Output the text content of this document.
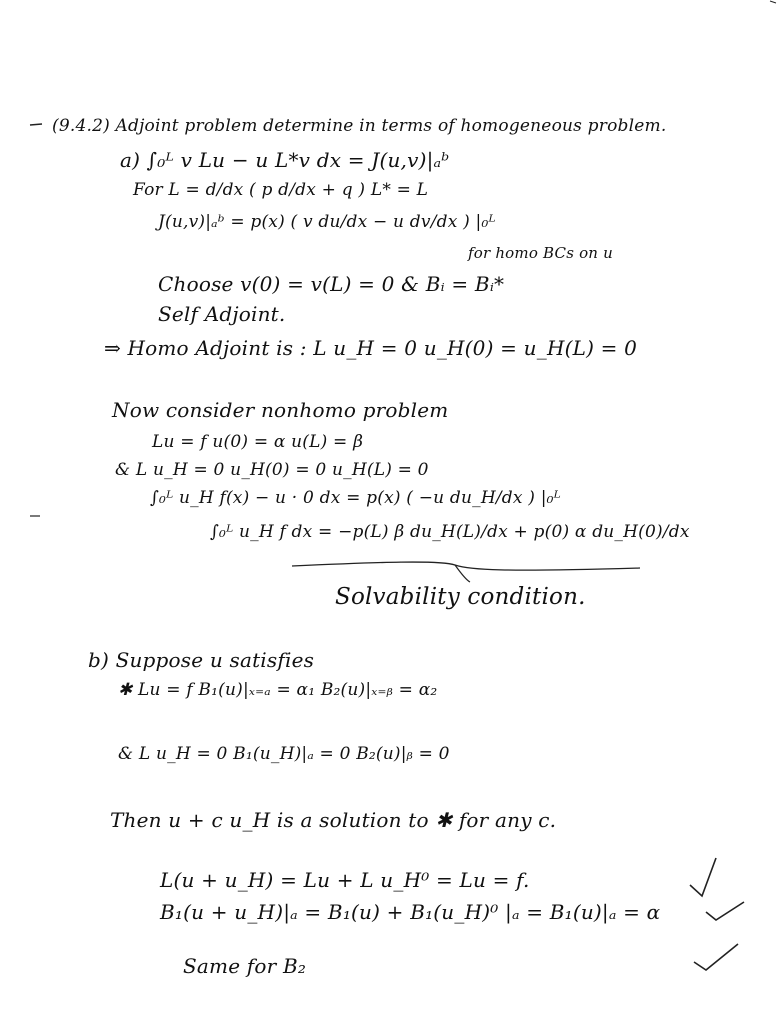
(9.4.2) Adjoint problem determine in terms of homogeneous problem.
a) ∫₀ᴸ v Lu − u L*v dx = J(u,v)|ₐᵇ
For L = d/dx ( p d/dx + q ) L* = L
J(u,v)|ₐᵇ = p(x) ( v du/dx − u dv/dx ) |₀ᴸ
for homo BCs on u
Choose v(0) = v(L) = 0 & Bᵢ = Bᵢ*
Self Adjoint.
⇒ Homo Adjoint is : L u_H = 0 u_H(0) = u_H(L) = 0
Now consider nonhomo problem
Lu = f u(0) = α u(L) = β
& L u_H = 0 u_H(0) = 0 u_H(L) = 0
∫₀ᴸ u_H f(x) − u · 0 dx = p(x) ( −u du_H/dx ) |₀ᴸ
∫₀ᴸ u_H f dx = −p(L) β du_H(L)/dx + p(0) α du_H(0)/dx
Solvability condition.
b) Suppose u satisfies
✱ Lu = f B₁(u)|ₓ₌ₐ = α₁ B₂(u)|ₓ₌ᵦ = α₂
& L u_H = 0 B₁(u_H)|ₐ = 0 B₂(u)|ᵦ = 0
Then u + c u_H is a solution to ✱ for any c.
L(u + u_H) = Lu + L u_H⁰ = Lu = f.
B₁(u + u_H)|ₐ = B₁(u) + B₁(u_H)⁰ |ₐ = B₁(u)|ₐ = α
Same for B₂
